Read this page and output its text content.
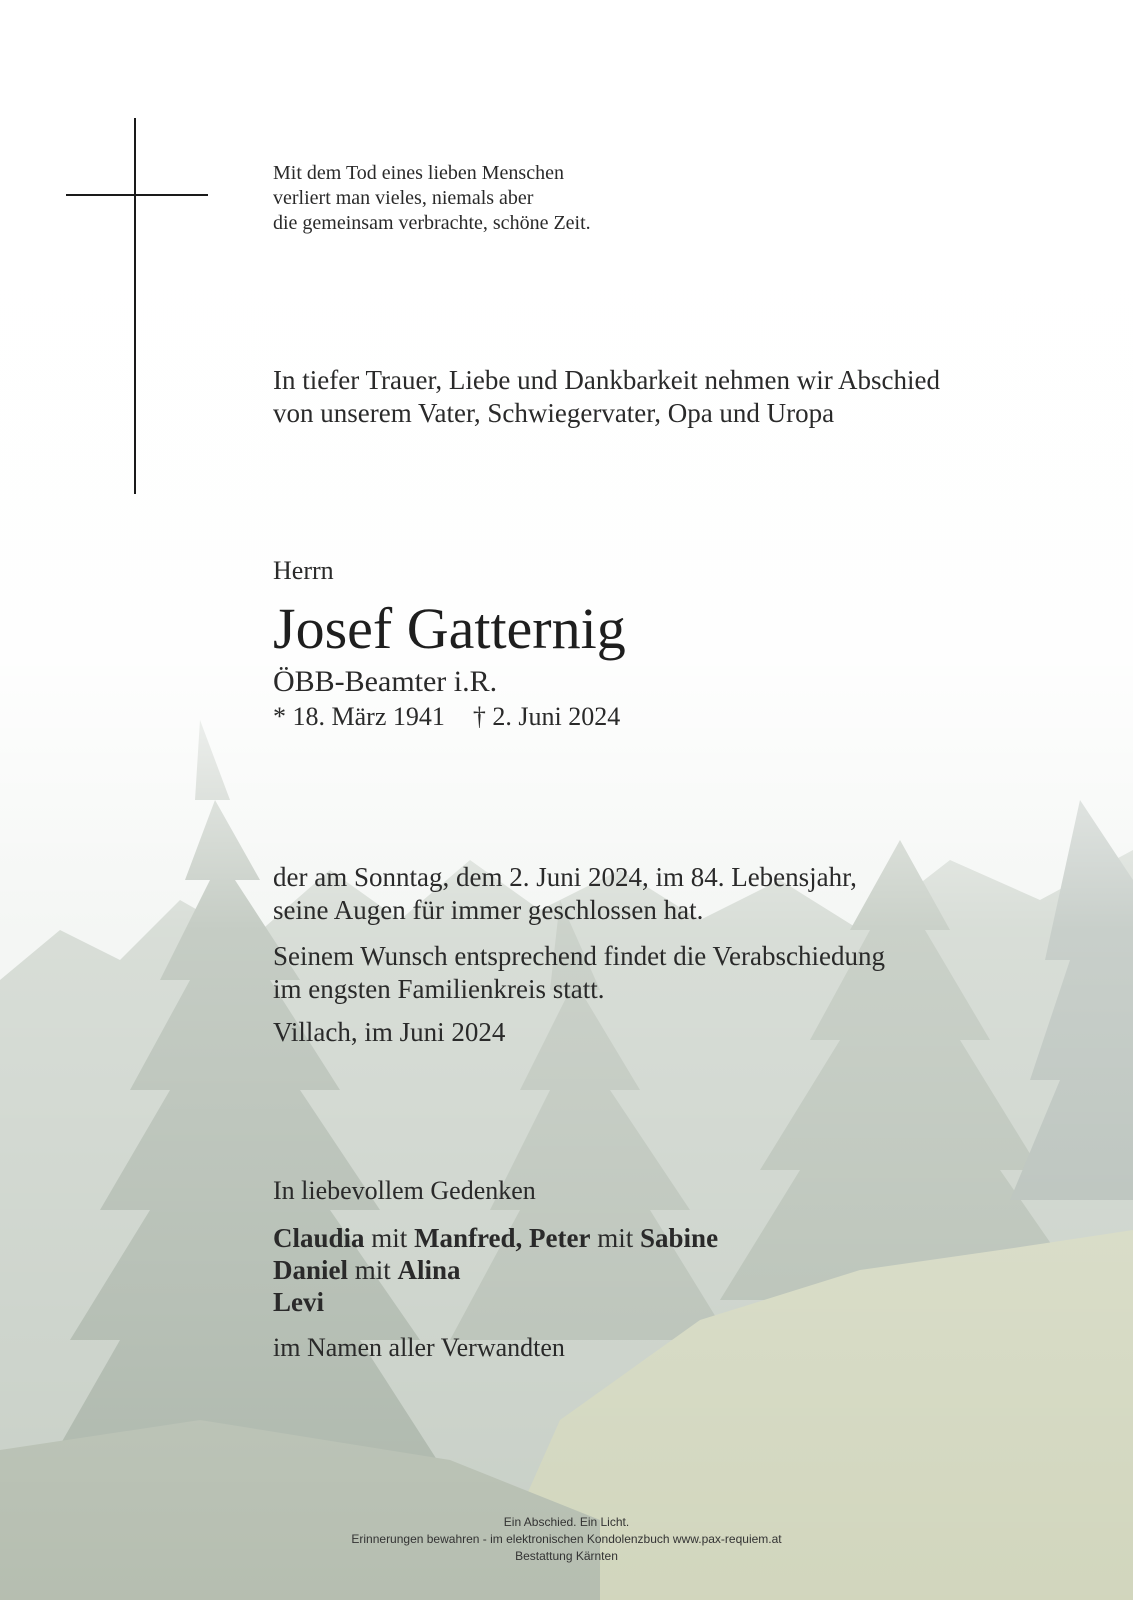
Mit dem Tod eines lieben Menschen
verliert man vieles, niemals aber
die gemeinsam verbrachte, schöne Zeit.
In tiefer Trauer, Liebe und Dankbarkeit nehmen wir Abschied
von unserem Vater, Schwiegervater, Opa und Uropa
Herrn
Josef Gatternig
ÖBB-Beamter i.R.
* 18. März 1941 † 2. Juni 2024
der am Sonntag, dem 2. Juni 2024, im 84. Lebensjahr,
seine Augen für immer geschlossen hat.
Seinem Wunsch entsprechend findet die Verabschiedung
im engsten Familienkreis statt.
Villach, im Juni 2024
In liebevollem Gedenken
Claudia mit Manfred, Peter mit Sabine
Daniel mit Alina
Levi
im Namen aller Verwandten
Ein Abschied. Ein Licht.
Erinnerungen bewahren - im elektronischen Kondolenzbuch www.pax-requiem.at
Bestattung Kärnten
